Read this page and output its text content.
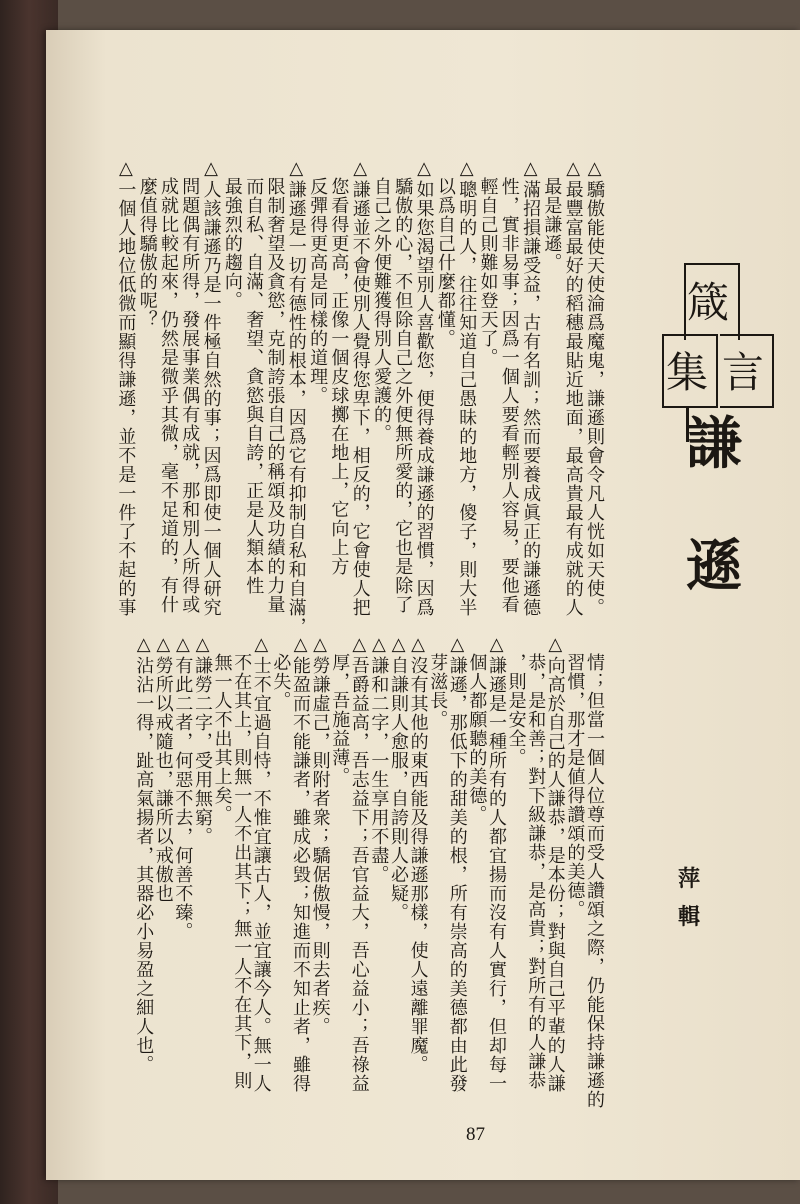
箴
集 言
謙
遜
萍
輯
△驕傲能使天使淪爲魔鬼，謙遜則會令凡人恍如天使。
△最豐富最好的稻穗最貼近地面，最高貴最有成就的人
　最是謙遜。
△滿招損謙受益，古有名訓；然而要養成眞正的謙遜德
　性，實非易事；因爲一個人要看輕別人容易，要他看
　輕自己則難如登天了。
△聰明的人，往往知道自己愚昧的地方，傻子，則大半
　以爲自己什麼都懂。
△如果您渴望別人喜歡您，便得養成謙遜的習慣，因爲
　驕傲的心，不但除自己之外便無所愛的，它也是除了
　自己之外便難獲得別人愛護的。
△謙遜並不會使別人覺得您卑下，相反的，它會使人把
　您看得更高，正像一個皮球擲在地上，它向上方
　反彈得更高是同樣的道理。
△謙遜是一切有德性的根本，因爲它有抑制自私和自滿，
　限制奢望及貪慾，克制誇張自己的稱頌及功績的力量
　而自私、自滿、奢望、貪慾與自誇，正是人類本性
　最強烈的趨向。
△人該謙遜乃是一件極自然的事；因爲即使一個人研究
　問題偶有所得，發展事業偶有成就，那和別人所得或
　成就比較起來，仍然是微乎其微，毫不足道的，有什
　麼值得驕傲的呢？
△一個人地位低微而顯得謙遜，並不是一件了不起的事
　情；但當一個人位尊而受人讚頌之際，仍能保持謙遜的
　習慣，那才是値得讚頌的美德。
△向高於自己的人謙恭，是本份；對與自己平輩的人謙
　恭，是和善；對下級謙恭，是高貴；對所有的人謙恭
　，則是安全。
△謙遜是一種所有的人都宜揚而沒有人實行，但却每一
　個人都願聽的美德。
△謙遜，那低下的甜美的根，所有崇高的美德都由此發
　芽滋長。
△沒有其他的東西能及得謙遜那樣，使人遠離罪魔。
△自謙則人愈服，自誇則人必疑。
△謙和二字，一生享用不盡。
△吾爵益高，吾志益下；吾官益大，吾心益小；吾祿益
　厚，吾施益薄。
△勞謙虛己，則附者衆；驕倨傲慢，則去者疾。
△能盈而不能謙者，雖成必毀；知進而不知止者，雖得
　必失。
△士不宜過自恃，不惟宜讓古人，並宜讓今人。無一人
　不在其上，則無一人不出其下；無一人不在其下，則
　無一人不出其上矣。
△謙勞二字，受用無窮。
△有此二者，何惡不去，何善不臻。
△勞所以戒隨也，謙所以戒傲也
△沾沾一得，趾高氣揚者，其器必小易盈之細人也。
87
